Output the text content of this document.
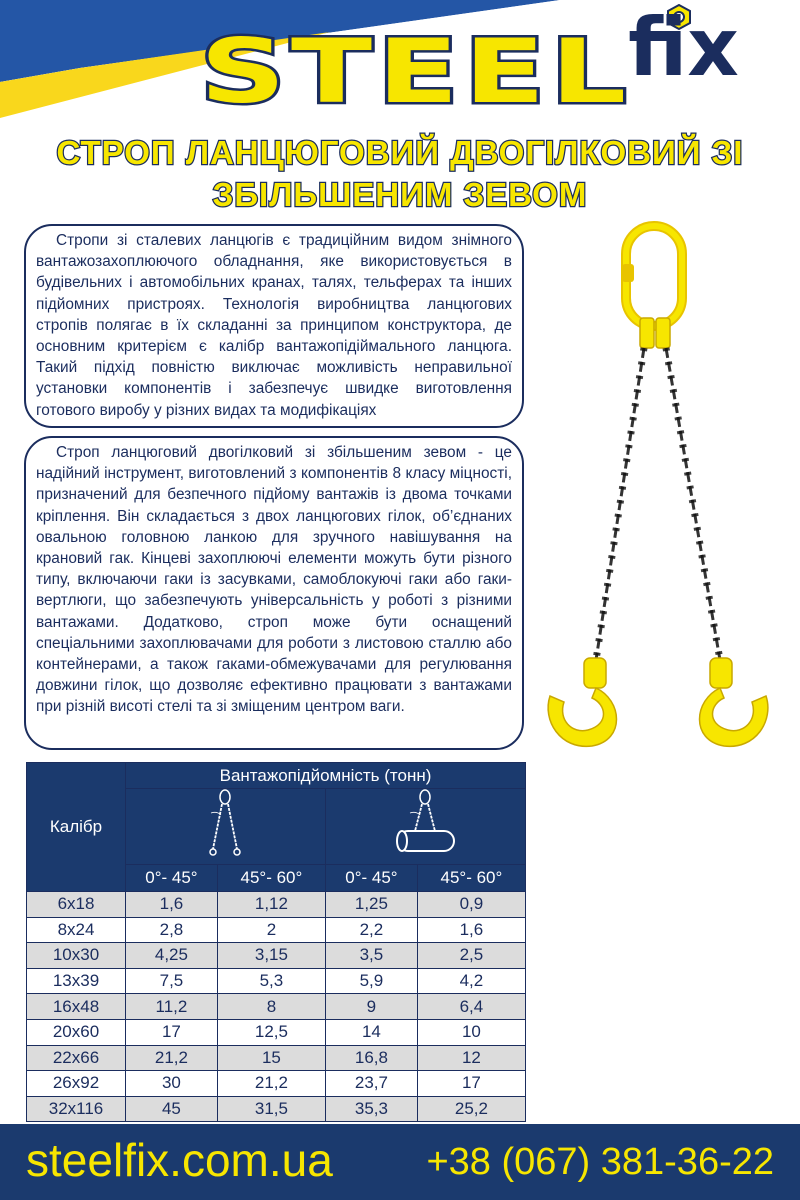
STEEL
fix
СТРОП ЛАНЦЮГОВИЙ ДВОГІЛКОВИЙ ЗІ
ЗБІЛЬШЕНИМ ЗЕВОМ
Стропи зі сталевих ланцюгів є традиційним видом знімного вантажозахоплюючого обладнання, яке використовується в будівельних і автомобільних кранах, талях, тельферах та інших підйомних пристроях. Технологія виробництва ланцюгових стропів полягає в їх складанні за принципом конструктора, де основним критерієм є калібр вантажопідіймального ланцюга. Такий підхід повністю виключає можливість неправильної установки компонентів і забезпечує швидке виготовлення готового виробу у різних видах та модифікаціях
Строп ланцюговий двогілковий зі збільшеним зевом - це надійний інструмент, виготовлений з компонентів 8 класу міцності, призначений для безпечного підйому вантажів із двома точками кріплення. Він складається з двох ланцюгових гілок, об’єднаних овальною головною ланкою для зручного навішування на крановий гак. Кінцеві захоплюючі елементи можуть бути різного типу, включаючи гаки із засувками, самоблокуючі гаки або гаки-вертлюги, що забезпечують універсальність у роботі з різними вантажами. Додатково, строп може бути оснащений спеціальними захоплювачами для роботи з листовою сталлю або контейнерами, а також гаками-обмежувачами для регулювання довжини гілок, що дозволяє ефективно працювати з вантажами при різній висоті стелі та зі зміщеним центром ваги.
Калібр	Вантажопідйомність (тонн)			

	0°- 45°	45°- 60°	0°- 45°	45°- 60°
6x18	1,6	1,12	1,25	0,9
8x24	2,8	2	2,2	1,6
10x30	4,25	3,15	3,5	2,5
13x39	7,5	5,3	5,9	4,2
16x48	11,2	8	9	6,4
20x60	17	12,5	14	10
22x66	21,2	15	16,8	12
26x92	30	21,2	23,7	17
32x116	45	31,5	35,3	25,2
steelfix.com.ua +38 (067) 381-36-22
